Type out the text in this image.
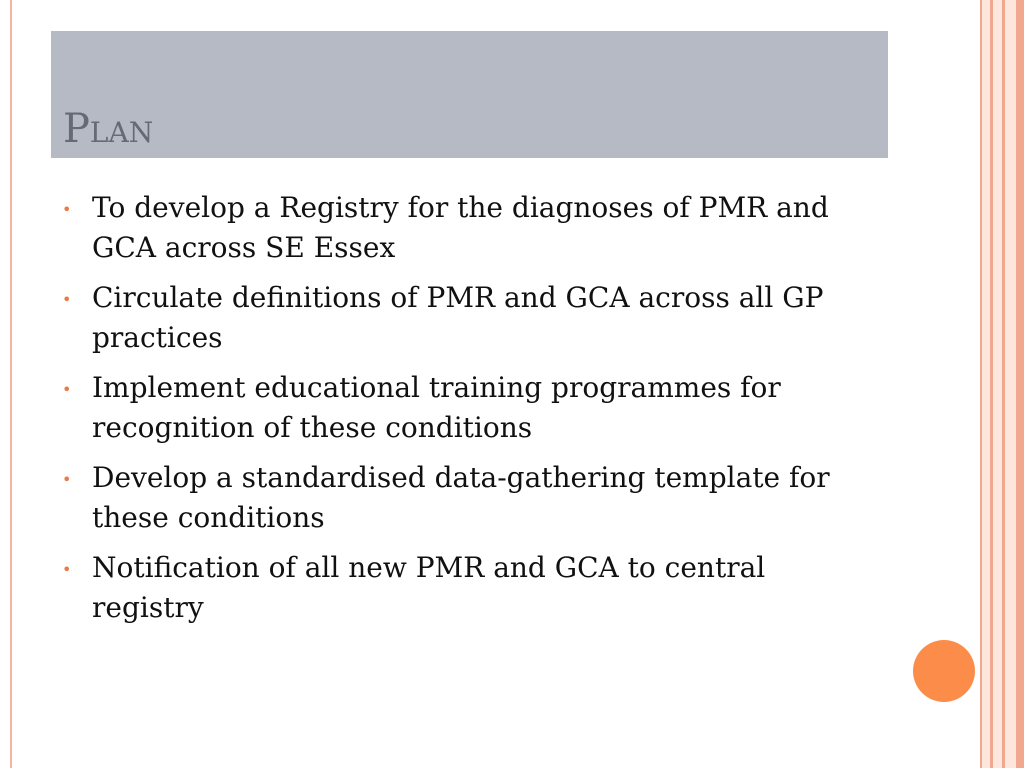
Plan
• To develop a Registry for the diagnoses of PMR and GCA across SE Essex
• Circulate definitions of PMR and GCA across all GP practices
• Implement educational training programmes for recognition of these conditions
• Develop a standardised data-gathering template for these conditions
• Notification of all new PMR and GCA to central registry
